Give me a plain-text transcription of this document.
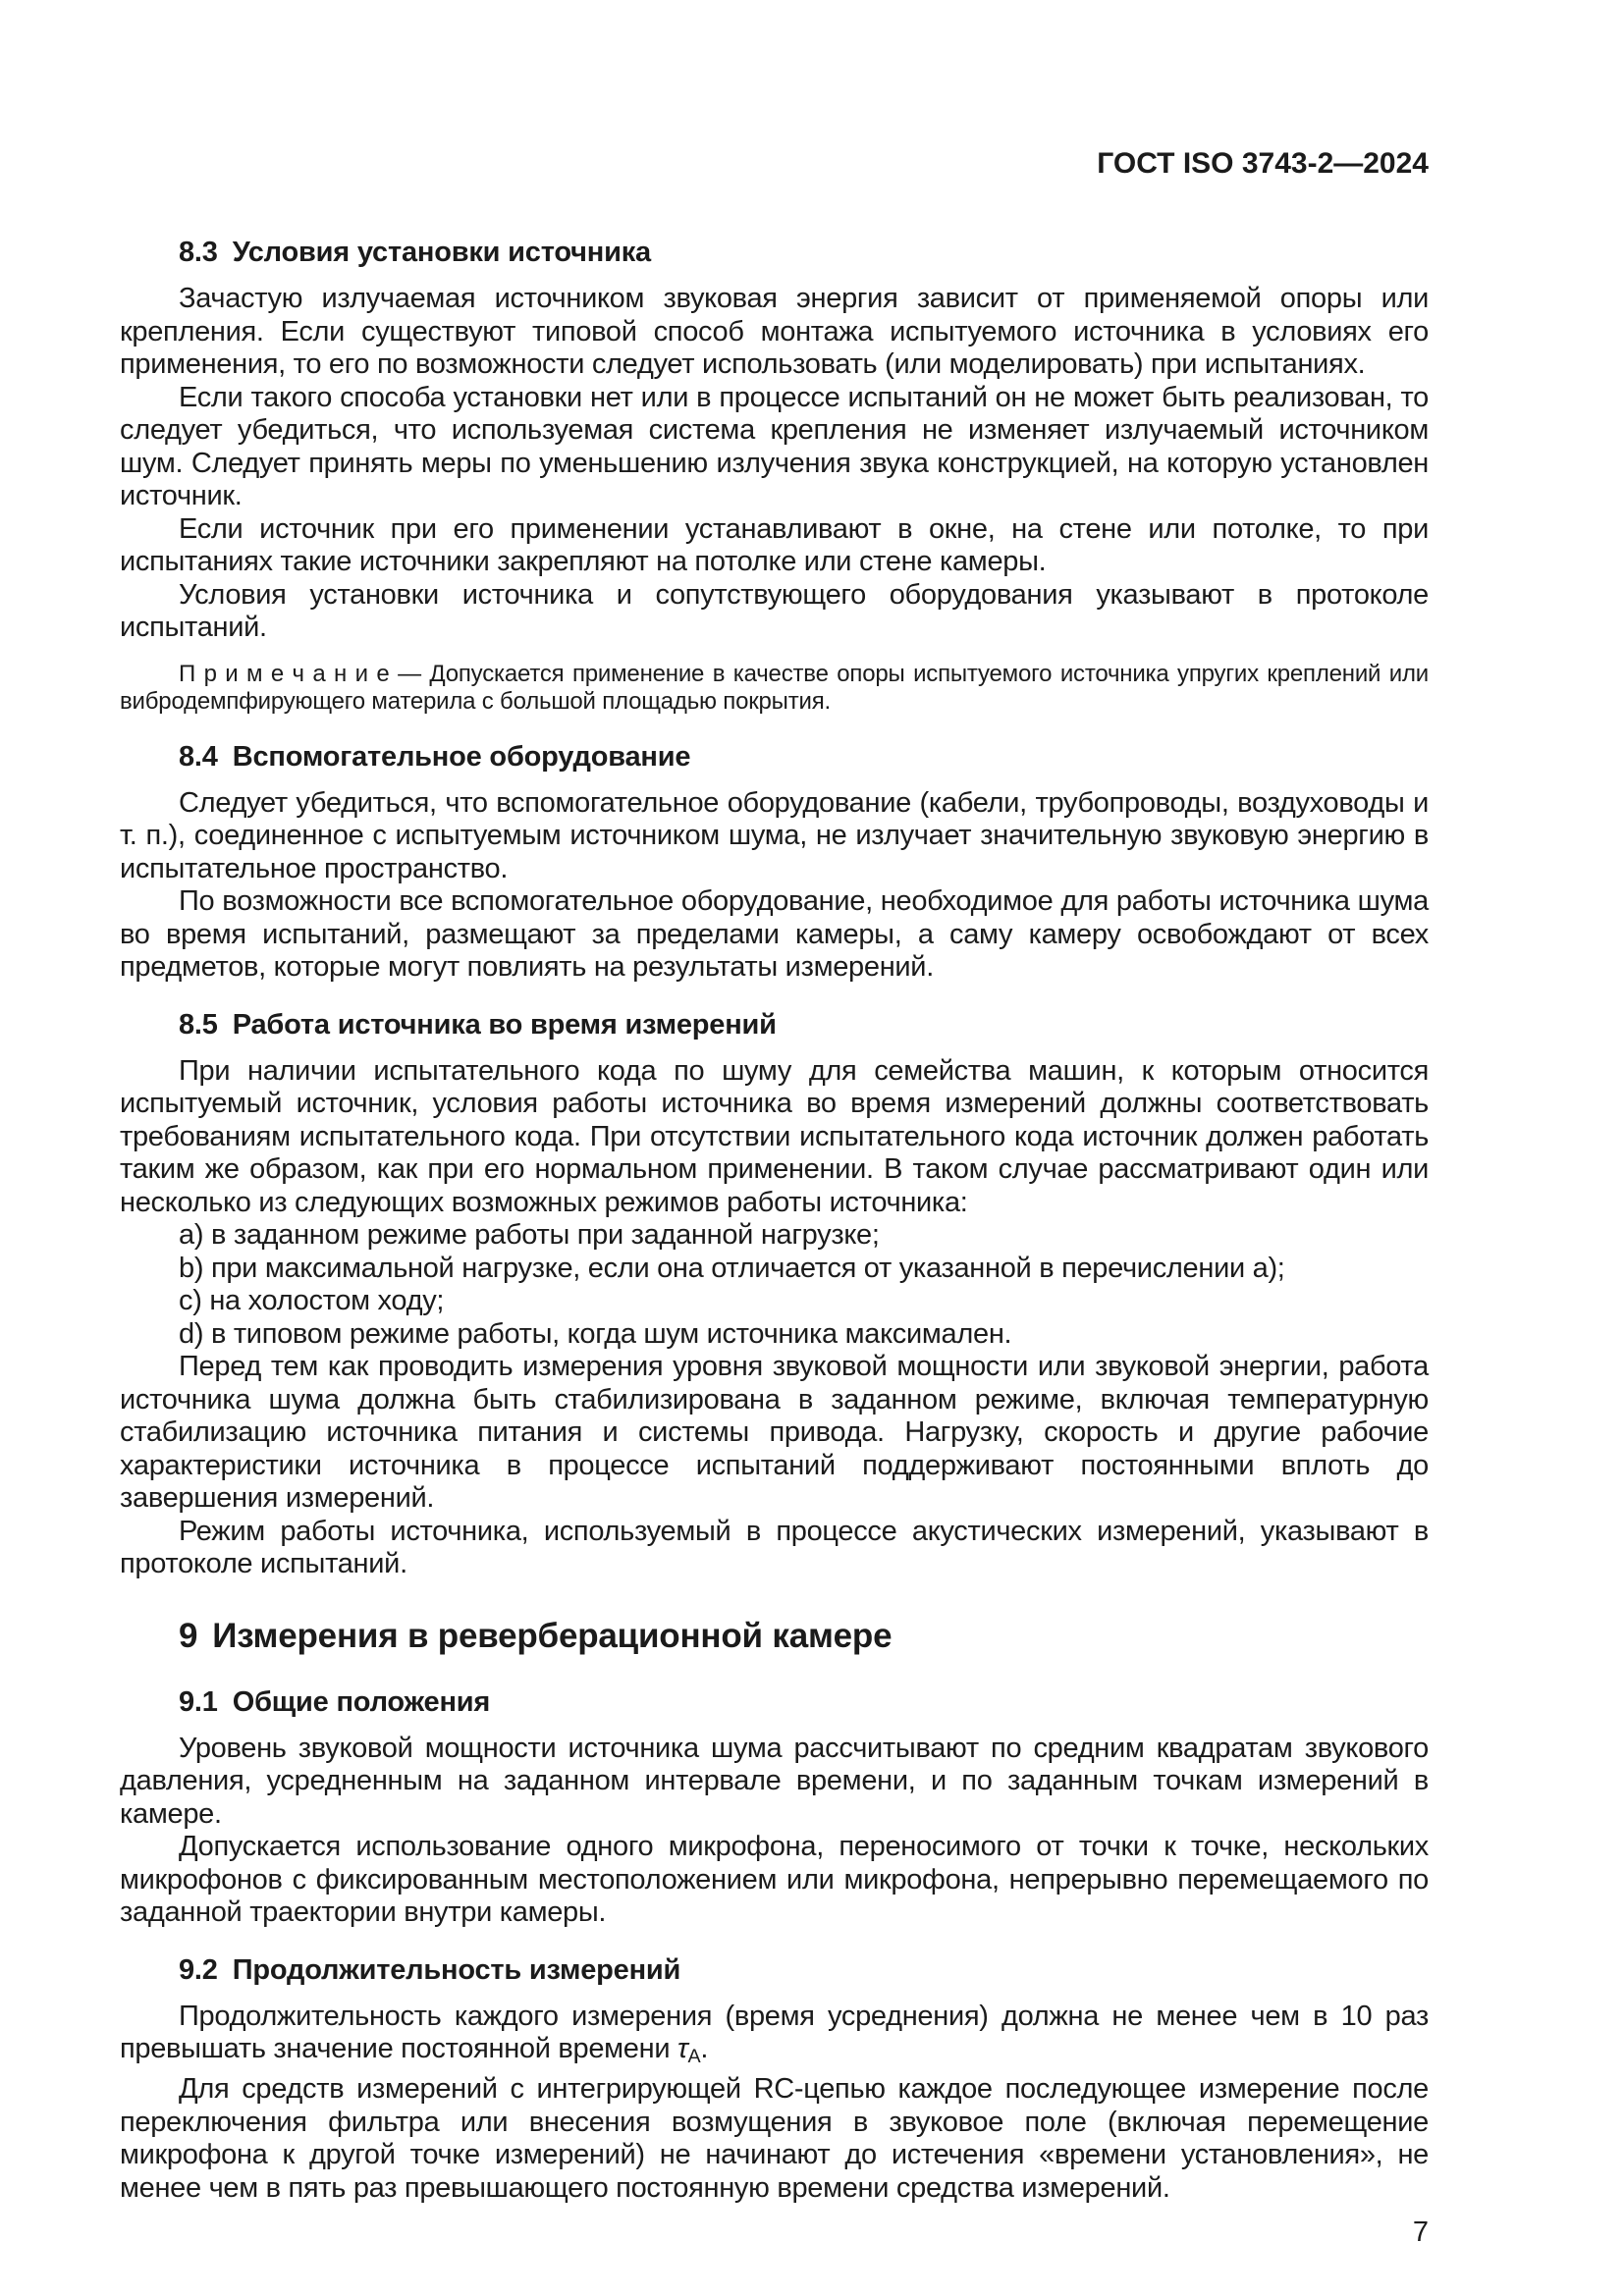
ГОСТ ISO 3743-2—2024
8.3 Условия установки источника

Зачастую излучаемая источником звуковая энергия зависит от применяемой опоры или крепления. Если существуют типовой способ монтажа испытуемого источника в условиях его применения, то его по возможности следует использовать (или моделировать) при испытаниях.

Если такого способа установки нет или в процессе испытаний он не может быть реализован, то следует убедиться, что используемая система крепления не изменяет излучаемый источником шум. Следует принять меры по уменьшению излучения звука конструкцией, на которую установлен источник.

Если источник при его применении устанавливают в окне, на стене или потолке, то при испытаниях такие источники закрепляют на потолке или стене камеры.

Условия установки источника и сопутствующего оборудования указывают в протоколе испытаний.

П р и м е ч а н и е — Допускается применение в качестве опоры испытуемого источника упругих креплений или вибродемпфирующего материла с большой площадью покрытия.

8.4 Вспомогательное оборудование

Следует убедиться, что вспомогательное оборудование (кабели, трубопроводы, воздуховоды и т. п.), соединенное с испытуемым источником шума, не излучает значительную звуковую энергию в испытательное пространство.

По возможности все вспомогательное оборудование, необходимое для работы источника шума во время испытаний, размещают за пределами камеры, а саму камеру освобождают от всех предметов, которые могут повлиять на результаты измерений.

8.5 Работа источника во время измерений

При наличии испытательного кода по шуму для семейства машин, к которым относится испытуемый источник, условия работы источника во время измерений должны соответствовать требованиям испытательного кода. При отсутствии испытательного кода источник должен работать таким же образом, как при его нормальном применении. В таком случае рассматривают один или несколько из следующих возможных режимов работы источника:

a) в заданном режиме работы при заданной нагрузке;

b) при максимальной нагрузке, если она отличается от указанной в перечислении a);

c) на холостом ходу;

d) в типовом режиме работы, когда шум источника максимален.

Перед тем как проводить измерения уровня звуковой мощности или звуковой энергии, работа источника шума должна быть стабилизирована в заданном режиме, включая температурную стабилизацию источника питания и системы привода. Нагрузку, скорость и другие рабочие характеристики источника в процессе испытаний поддерживают постоянными вплоть до завершения измерений.

Режим работы источника, используемый в процессе акустических измерений, указывают в протоколе испытаний.

9 Измерения в реверберационной камере
9.1 Общие положения

Уровень звуковой мощности источника шума рассчитывают по средним квадратам звукового давления, усредненным на заданном интервале времени, и по заданным точкам измерений в камере.

Допускается использование одного микрофона, переносимого от точки к точке, нескольких микрофонов с фиксированным местоположением или микрофона, непрерывно перемещаемого по заданной траектории внутри камеры.

9.2 Продолжительность измерений

Продолжительность каждого измерения (время усреднения) должна не менее чем в 10 раз превышать значение постоянной времени $\tau_A$.

Для средств измерений с интегрирующей RC-цепью каждое последующее измерение после переключения фильтра или внесения возмущения в звуковое поле (включая перемещение микрофона к другой точке измерений) не начинают до истечения «времени установления», не менее чем в пять раз превышающего постоянную времени средства измерений.

7
